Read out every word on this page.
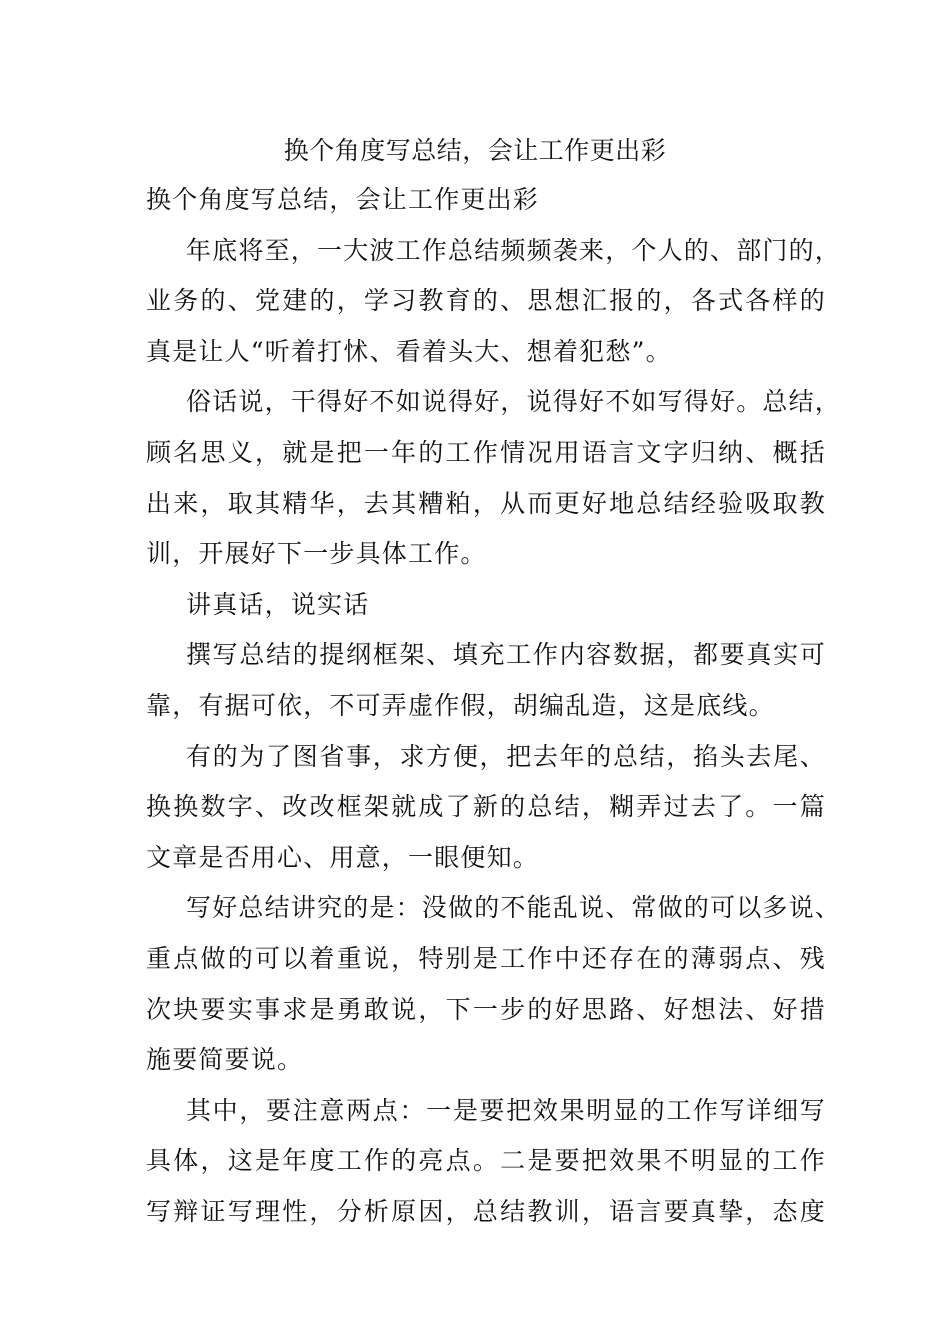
换个角度写总结，会让工作更出彩
换个角度写总结，会让工作更出彩
年底将至，一大波工作总结频频袭来，个人的、部门的，
业务的、党建的，学习教育的、思想汇报的，各式各样的
真是让人“听着打怵、看着头大、想着犯愁”。
俗话说，干得好不如说得好，说得好不如写得好。总结，
顾名思义，就是把一年的工作情况用语言文字归纳、概括
出来，取其精华，去其糟粕，从而更好地总结经验吸取教
训，开展好下一步具体工作。
讲真话，说实话
撰写总结的提纲框架、填充工作内容数据，都要真实可
靠，有据可依，不可弄虚作假，胡编乱造，这是底线。
有的为了图省事，求方便，把去年的总结，掐头去尾、
换换数字、改改框架就成了新的总结，糊弄过去了。一篇
文章是否用心、用意，一眼便知。
写好总结讲究的是：没做的不能乱说、常做的可以多说、
重点做的可以着重说，特别是工作中还存在的薄弱点、残
次块要实事求是勇敢说，下一步的好思路、好想法、好措
施要简要说。
其中，要注意两点：一是要把效果明显的工作写详细写
具体，这是年度工作的亮点。二是要把效果不明显的工作
写辩证写理性，分析原因，总结教训，语言要真挚，态度
